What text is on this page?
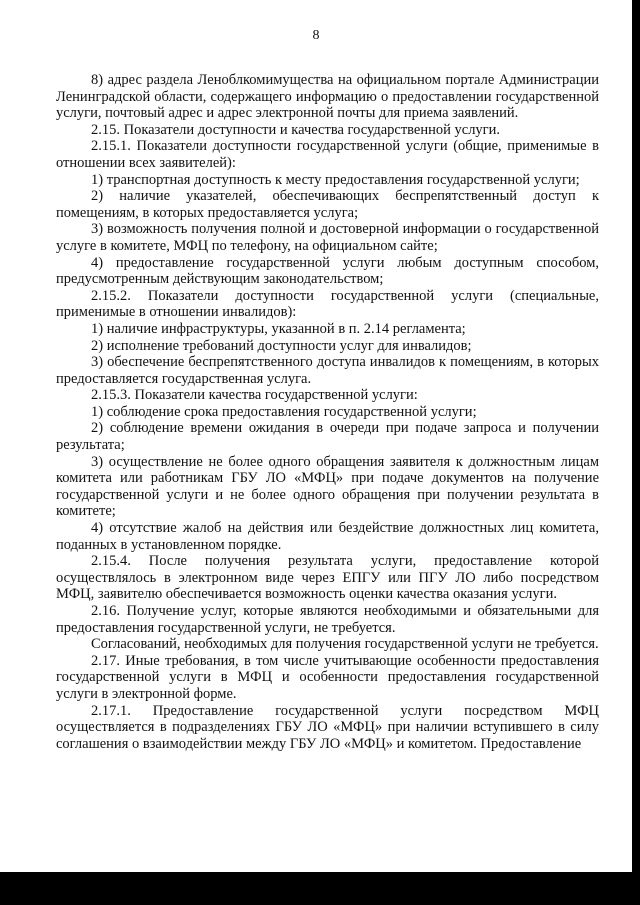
8

8) адрес раздела Леноблкомимущества на официальном портале Администрации Ленинградской области, содержащего информацию о предоставлении государственной услуги, почтовый адрес и адрес электронной почты для приема заявлений.

2.15. Показатели доступности и качества государственной услуги.

2.15.1. Показатели доступности государственной услуги (общие, применимые в отношении всех заявителей):

1) транспортная доступность к месту предоставления государственной услуги;

2) наличие указателей, обеспечивающих беспрепятственный доступ к помещениям, в которых предоставляется услуга;

3) возможность получения полной и достоверной информации о государственной услуге в комитете, МФЦ по телефону, на официальном сайте;

4) предоставление государственной услуги любым доступным способом, предусмотренным действующим законодательством;

2.15.2. Показатели доступности государственной услуги (специальные, применимые в отношении инвалидов):

1) наличие инфраструктуры, указанной в п. 2.14 регламента;

2) исполнение требований доступности услуг для инвалидов;

3) обеспечение беспрепятственного доступа инвалидов к помещениям, в которых предоставляется государственная услуга.

2.15.3. Показатели качества государственной услуги:

1) соблюдение срока предоставления государственной услуги;

2) соблюдение времени ожидания в очереди при подаче запроса и получении результата;

3) осуществление не более одного обращения заявителя к должностным лицам комитета или работникам ГБУ ЛО «МФЦ» при подаче документов на получение государственной услуги и не более одного обращения при получении результата в комитете;

4) отсутствие жалоб на действия или бездействие должностных лиц комитета, поданных в установленном порядке.

2.15.4. После получения результата услуги, предоставление которой осуществлялось в электронном виде через ЕПГУ или ПГУ ЛО либо посредством МФЦ, заявителю обеспечивается возможность оценки качества оказания услуги.

2.16. Получение услуг, которые являются необходимыми и обязательными для предоставления государственной услуги, не требуется.

Согласований, необходимых для получения государственной услуги не требуется.

2.17. Иные требования, в том числе учитывающие особенности предоставления государственной услуги в МФЦ и особенности предоставления государственной услуги в электронной форме.

2.17.1. Предоставление государственной услуги посредством МФЦ осуществляется в подразделениях ГБУ ЛО «МФЦ» при наличии вступившего в силу соглашения о взаимодействии между ГБУ ЛО «МФЦ» и комитетом. Предоставление
